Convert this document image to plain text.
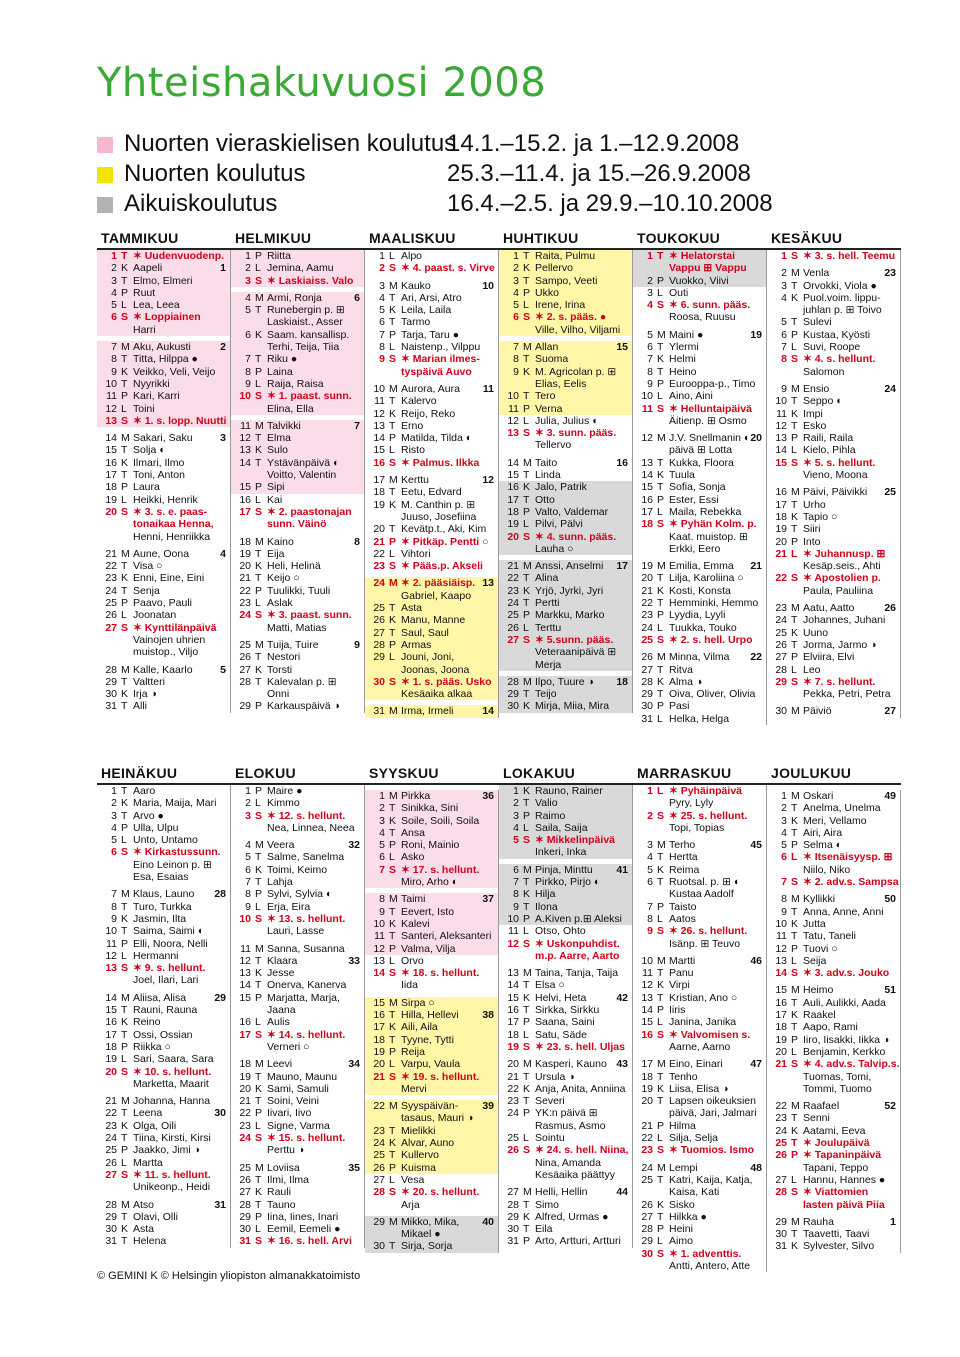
Yhteishakuvuosi 2008
Nuorten vieraskielisen koulutus
14.1.–15.2. ja 1.–12.9.2008
Nuorten koulutus	25.3.–11.4. ja 15.–26.9.2008
Aikuiskoulutus	16.4.–2.5. ja 29.9.–10.10.2008
TAMMIKUU
1 T ✶ Uudenvuodenp.
2 K Aapeli	1
3 T Elmo, Elmeri
4 P Ruut
5 L Lea, Leea
6 S ✶ Loppiainen
Harri
7 M Aku, Aukusti	2
8 T Titta, Hilppa ●
9 K Veikko, Veli, Veijo
10 T Nyyrikki
11 P Kari, Karri
12 L Toini
13 S ✶ 1. s. lopp. Nuutti
14 M Sakari, Saku	3
15 T Solja ◐
16 K Ilmari, Ilmo
17 T Toni, Anton
18 P Laura
19 L Heikki, Henrik
20 S ✶ 3. s. e. paas-
tonaikaa Henna,
Henni, Henriikka
21 M Aune, Oona	4
22 T Visa ○
23 K Enni, Eine, Eini
24 T Senja
25 P Paavo, Pauli
26 L Joonatan
27 S ✶ Kynttilänpäivä
Vainojen uhrien
muistop., Viljo
28 M Kalle, Kaarlo	5
29 T Valtteri
30 K Irja ◑
31 T Alli
HELMIKUU
1 P Riitta
2 L Jemina, Aamu
3 S ✶ Laskiaiss. Valo
4 M Armi, Ronja	6
5 T Runebergin p. ⊞
Laskiaist., Asser
6 K Saam. kansallisp.
Terhi, Teija, Tiia
7 T Riku ●
8 P Laina
9 L Raija, Raisa
10 S ✶ 1. paast. sunn.
Elina, Ella
11 M Talvikki	7
12 T Elma
13 K Sulo
14 T Ystävänpäivä ◐
Voitto, Valentin
15 P Sipi
16 L Kai
17 S ✶ 2. paastonajan
sunn. Väinö
18 M Kaino	8
19 T Eija
20 K Heli, Helinä
21 T Keijo ○
22 P Tuulikki, Tuuli
23 L Aslak
24 S ✶ 3. paast. sunn.
Matti, Matias
25 M Tuija, Tuire	9
26 T Nestori
27 K Torsti
28 T Kalevalan p. ⊞
Onni
29 P Karkauspäivä ◑
MAALISKUU
1 L Alpo
2 S ✶ 4. paast. s. Virve
3 M Kauko	10
4 T Ari, Arsi, Atro
5 K Leila, Laila
6 T Tarmo
7 P Tarja, Taru ●
8 L Naistenp., Vilppu
9 S ✶ Marian ilmes-
tyspäivä Auvo
10 M Aurora, Aura 11
11 T Kalervo
12 K Reijo, Reko
13 T Erno
14 P Matilda, Tilda ◐
15 L Risto
16 S ✶ Palmus. Ilkka
17 M Kerttu	12
18 T Eetu, Edvard
19 K M. Canthin p. ⊞
Juuso, Josefiina
20 T Kevätp.t., Aki, Kim
21 P ✶ Pitkäp. Pentti ○
22 L Vihtori
23 S ✶ Pääs.p. Akseli
24 M ✶ 2. pääsiäisp. 13
Gabriel, Kaapo
25 T Asta
26 K Manu, Manne
27 T Saul, Saul
28 P Armas
29 L Jouni, Joni,
Joonas, Joona
30 S ✶ 1. s. pääs. Usko
Kesäaika alkaa
31 M Irma, Irmeli	14
HUHTIKUU
1 T Raita, Pulmu
2 K Pellervo
3 T Sampo, Veeti
4 P Ukko
5 L Irene, Irina
6 S ✶ 2. s. pääs. ●
Ville, Vilho, Viljami
7 M Allan	15
8 T Suoma
9 K M. Agricolan p. ⊞
Elias, Eelis
10 T Tero
11 P Verna
12 L Julia, Julius ◐
13 S ✶ 3. sunn. pääs.
Tellervo
14 M Taito	16
15 T Linda
16 K Jalo, Patrik
17 T Otto
18 P Valto, Valdemar
19 L Pilvi, Pälvi
20 S ✶ 4. sunn. pääs.
Lauha ○
21 M Anssi, Anselmi 17
22 T Alina
23 K Yrjö, Jyrki, Jyri
24 T Pertti
25 P Markku, Marko
26 L Terttu
27 S ✶ 5.sunn. pääs.
Veteraanipäivä ⊞
Merja
28 M Ilpo, Tuure ◑ 18
29 T Teijo
30 K Mirja, Miia, Mira
TOUKOKUU
1 T ✶ Helatorstai
Vappu ⊞ Vappu
2 P Vuokko, Viivi
3 L Outi
4 S ✶ 6. sunn. pääs.
Roosa, Ruusu
5 M Maini ●	19
6 T Ylermi
7 K Helmi
8 T Heino
9 P Eurooppa-p., Timo
10 L Aino, Aini
11 S ✶ Helluntaipäivä
Äitienp. ⊞ Osmo
12 M J.V. Snellmanin ◐ 20
päivä ⊞ Lotta
13 T Kukka, Floora
14 K Tuula
15 T Sofia, Sonja
16 P Ester, Essi
17 L Maila, Rebekka
18 S ✶ Pyhän Kolm. p.
Kaat. muistop. ⊞
Erkki, Eero
19 M Emilia, Emma 21
20 T Lilja, Karoliina ○
21 K Kosti, Konsta
22 T Hemminki, Hemmo
23 P Lyydia, Lyyli
24 L Tuukka, Touko
25 S ✶ 2. s. hell. Urpo
26 M Minna, Vilma 22
27 T Ritva
28 K Alma ◑
29 T Oiva, Oliver, Olivia
30 P Pasi
31 L Helka, Helga
KESÄKUU
1 S ✶ 3. s. hell. Teemu
2 M Venla	23
3 T Orvokki, Viola ●
4 K Puol.voim. lippu-
juhlan p. ⊞ Toivo
5 T Sulevi
6 P Kustaa, Kyösti
7 L Suvi, Roope
8 S ✶ 4. s. hellunt.
Salomon
9 M Ensio	24
10 T Seppo ◐
11 K Impi
12 T Esko
13 P Raili, Raila
14 L Kielo, Pihla
15 S ✶ 5. s. hellunt.
Vieno, Moona
16 M Päivi, Päivikki 25
17 T Urho
18 K Tapio ○
19 T Siiri
20 P Into
21 L ✶ Juhannusp. ⊞
Kesäp.seis., Ahti
22 S ✶ Apostolien p.
Paula, Pauliina
23 M Aatu, Aatto	26
24 T Johannes, Juhani
25 K Uuno
26 T Jorma, Jarmo ◑
27 P Elviira, Elvi
28 L Leo
29 S ✶ 7. s. hellunt.
Pekka, Petri, Petra
30 M Päiviö	27
HEINÄKUU
1 T Aaro
2 K Maria, Maija, Mari
3 T Arvo ●
4 P Ulla, Ulpu
5 L Unto, Untamo
6 S ✶ Kirkastussunn.
Eino Leinon p. ⊞
Esa, Esaias
7 M Klaus, Launo 28
8 T Turo, Turkka
9 K Jasmin, Ilta
10 T Saima, Saimi ◐
11 P Elli, Noora, Nelli
12 L Hermanni
13 S ✶ 9. s. hellunt.
Joel, Ilari, Lari
14 M Aliisa, Alisa	29
15 T Rauni, Rauna
16 K Reino
17 T Ossi, Ossian
18 P Riikka ○
19 L Sari, Saara, Sara
20 S ✶ 10. s. hellunt.
Marketta, Maarit
21 M Johanna, Hanna
22 T Leena	30
23 K Olga, Oili
24 T Tiina, Kirsti, Kirsi
25 P Jaakko, Jimi ◑
26 L Martta
27 S ✶ 11. s. hellunt.
Unikeonp., Heidi
28 M Atso	31
29 T Olavi, Olli
30 K Asta
31 T Helena
ELOKUU
1 P Maire ●
2 L Kimmo
3 S ✶ 12. s. hellunt.
Nea, Linnea, Neea
4 M Veera	32
5 T Salme, Sanelma
6 K Toimi, Keimo
7 T Lahja
8 P Sylvi, Sylvia ◐
9 L Erja, Eira
10 S ✶ 13. s. hellunt.
Lauri, Lasse
11 M Sanna, Susanna
12 T Klaara	33
13 K Jesse
14 T Onerva, Kanerva
15 P Marjatta, Marja,
Jaana
16 L Aulis
17 S ✶ 14. s. hellunt.
Verneri ○
18 M Leevi	34
19 T Mauno, Maunu
20 K Sami, Samuli
21 T Soini, Veini
22 P Iivari, Iivo
23 L Signe, Varma
24 S ✶ 15. s. hellunt.
Perttu ◑
25 M Loviisa	35
26 T Ilmi, Ilma
27 K Rauli
28 T Tauno
29 P Iina, Iines, Inari
30 L Eemil, Eemeli ●
31 S ✶ 16. s. hell. Arvi
SYYSKUU
1 M Pirkka	36
2 T Sinikka, Sini
3 K Soile, Soili, Soila
4 T Ansa
5 P Roni, Mainio
6 L Asko
7 S ✶ 17. s. hellunt.
Miro, Arho ◐
8 M Taimi	37
9 T Eevert, Isto
10 K Kalevi
11 T Santeri, Aleksanteri
12 P Valma, Vilja
13 L Orvo
14 S ✶ 18. s. hellunt.
Iida
15 M Sirpa ○
16 T Hilla, Hellevi 38
17 K Aili, Aila
18 T Tyyne, Tytti
19 P Reija
20 L Varpu, Vaula
21 S ✶ 19. s. hellunt.
Mervi
22 M Syyspäivän- 39
tasaus, Mauri ◑
23 T Mielikki
24 K Alvar, Auno
25 T Kullervo
26 P Kuisma
27 L Vesa
28 S ✶ 20. s. hellunt.
Arja
29 M Mikko, Mika, 40
Mikael ●
30 T Sirja, Sorja
LOKAKUU
1 K Rauno, Rainer
2 T Valio
3 P Raimo
4 L Saila, Saija
5 S ✶ Mikkelinpäivä
Inkeri, Inka
6 M Pinja, Minttu 41
7 T Pirkko, Pirjo ◐
8 K Hilja
9 T Ilona
10 P A.Kiven p.⊞ Aleksi
11 L Otso, Ohto
12 S ✶ Uskonpuhdist.
m.p. Aarre, Aarto
13 M Taina, Tanja, Taija
14 T Elsa ○
15 K Helvi, Heta	42
16 T Sirkka, Sirkku
17 P Saana, Saini
18 L Satu, Säde
19 S ✶ 23. s. hell. Uljas
20 M Kasperi, Kauno 43
21 T Ursula ◑
22 K Anja, Anita, Anniina
23 T Severi
24 P YK:n päivä ⊞
Rasmus, Asmo
25 L Sointu
26 S ✶ 24. s. hell. Niina,
Nina, Amanda
Kesäaika päättyy
27 M Helli, Hellin	44
28 T Simo
29 K Alfred, Urmas ●
30 T Eila
31 P Arto, Artturi, Artturi
MARRASKUU
1 L ✶ Pyhäinpäivä
Pyry, Lyly
2 S ✶ 25. s. hellunt.
Topi, Topias
3 M Terho	45
4 T Hertta
5 K Reima
6 T Ruotsal. p. ⊞ ◐
Kustaa Aadolf
7 P Taisto
8 L Aatos
9 S ✶ 26. s. hellunt.
Isänp. ⊞ Teuvo
10 M Martti	46
11 T Panu
12 K Virpi
13 T Kristian, Ano ○
14 P Iiris
15 L Janina, Janika
16 S ✶ Valvomisen s.
Aarne, Aarno
17 M Eino, Einari	47
18 T Tenho
19 K Liisa, Elisa ◑
20 T Lapsen oikeuksien
päivä, Jari, Jalmari
21 P Hilma
22 L Silja, Selja
23 S ✶ Tuomios. Ismo
24 M Lempi	48
25 T Katri, Kaija, Katja,
Kaisa, Kati
26 K Sisko
27 T Hilkka ●
28 P Heini
29 L Aimo
30 S ✶ 1. adventtis.
Antti, Antero, Atte
JOULUKUU
1 M Oskari	49
2 T Anelma, Unelma
3 K Meri, Vellamo
4 T Airi, Aira
5 P Selma ◐
6 L ✶ Itsenäisyysp. ⊞
Niilo, Niko
7 S ✶ 2. adv.s. Sampsa
8 M Kyllikki	50
9 T Anna, Anne, Anni
10 K Jutta
11 T Tatu, Taneli
12 P Tuovi ○
13 L Seija
14 S ✶ 3. adv.s. Jouko
15 M Heimo	51
16 T Auli, Aulikki, Aada
17 K Raakel
18 T Aapo, Rami
19 P Iiro, Iisakki, Iikka ◑
20 L Benjamin, Kerkko
21 S ✶ 4. adv.s. Talvip.s.
Tuomas, Tomi,
Tommi, Tuomo
22 M Raafael	52
23 T Senni
24 K Aatami, Eeva
25 T ✶ Joulupäivä
26 P ✶ Tapaninpäivä
Tapani, Teppo
27 L Hannu, Hannes ●
28 S ✶ Viattomien
lasten päivä Piia
29 M Rauha	1
30 T Taavetti, Taavi
31 K Sylvester, Silvo
© GEMINI K © Helsingin yliopiston almanakkatoimisto
